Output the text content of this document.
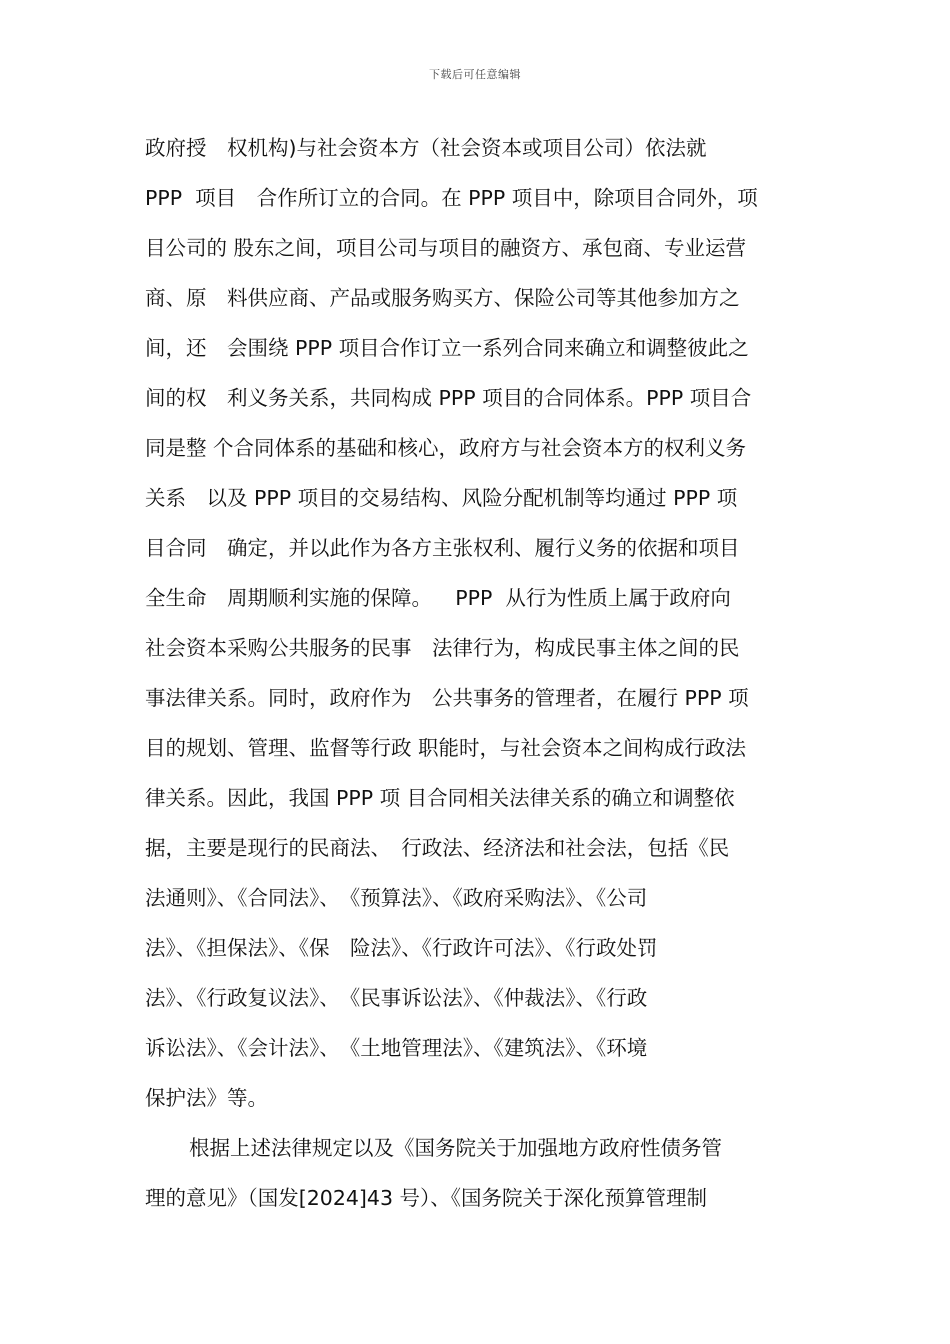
下载后可任意编辑
政府授　权机构)与社会资本方（社会资本或项目公司）依法就
PPP  项目　合作所订立的合同。在 PPP 项目中，除项目合同外，项
目公司的 股东之间，项目公司与项目的融资方、承包商、专业运营
商、原　料供应商、产品或服务购买方、保险公司等其他参加方之
间，还　会围绕 PPP 项目合作订立一系列合同来确立和调整彼此之
间的权　利义务关系，共同构成 PPP 项目的合同体系。PPP 项目合
同是整 个合同体系的基础和核心，政府方与社会资本方的权利义务
关系　以及 PPP 项目的交易结构、风险分配机制等均通过 PPP 项
目合同　确定，并以此作为各方主张权利、履行义务的依据和项目
全生命　周期顺利实施的保障。　  PPP  从行为性质上属于政府向
社会资本采购公共服务的民事　法律行为，构成民事主体之间的民
事法律关系。同时，政府作为　公共事务的管理者，在履行 PPP 项
目的规划、管理、监督等行政 职能时，与社会资本之间构成行政法
律关系。因此，我国 PPP 项 目合同相关法律关系的确立和调整依
据，主要是现行的民商法、　行政法、经济法和社会法，包括《民
法通则》、《合同法》、　《预算法》、《政府采购法》、《公司
法》、《担保法》、《保　险法》、《行政许可法》、《行政处罚
法》、《行政复议法》、　《民事诉讼法》、《仲裁法》、《行政
诉讼法》、《会计法》、　《土地管理法》、《建筑法》、《环境
保护法》等。
根据上述法律规定以及《国务院关于加强地方政府性债务管
理的意见》（国发[2024]43 号）、《国务院关于深化预算管理制
